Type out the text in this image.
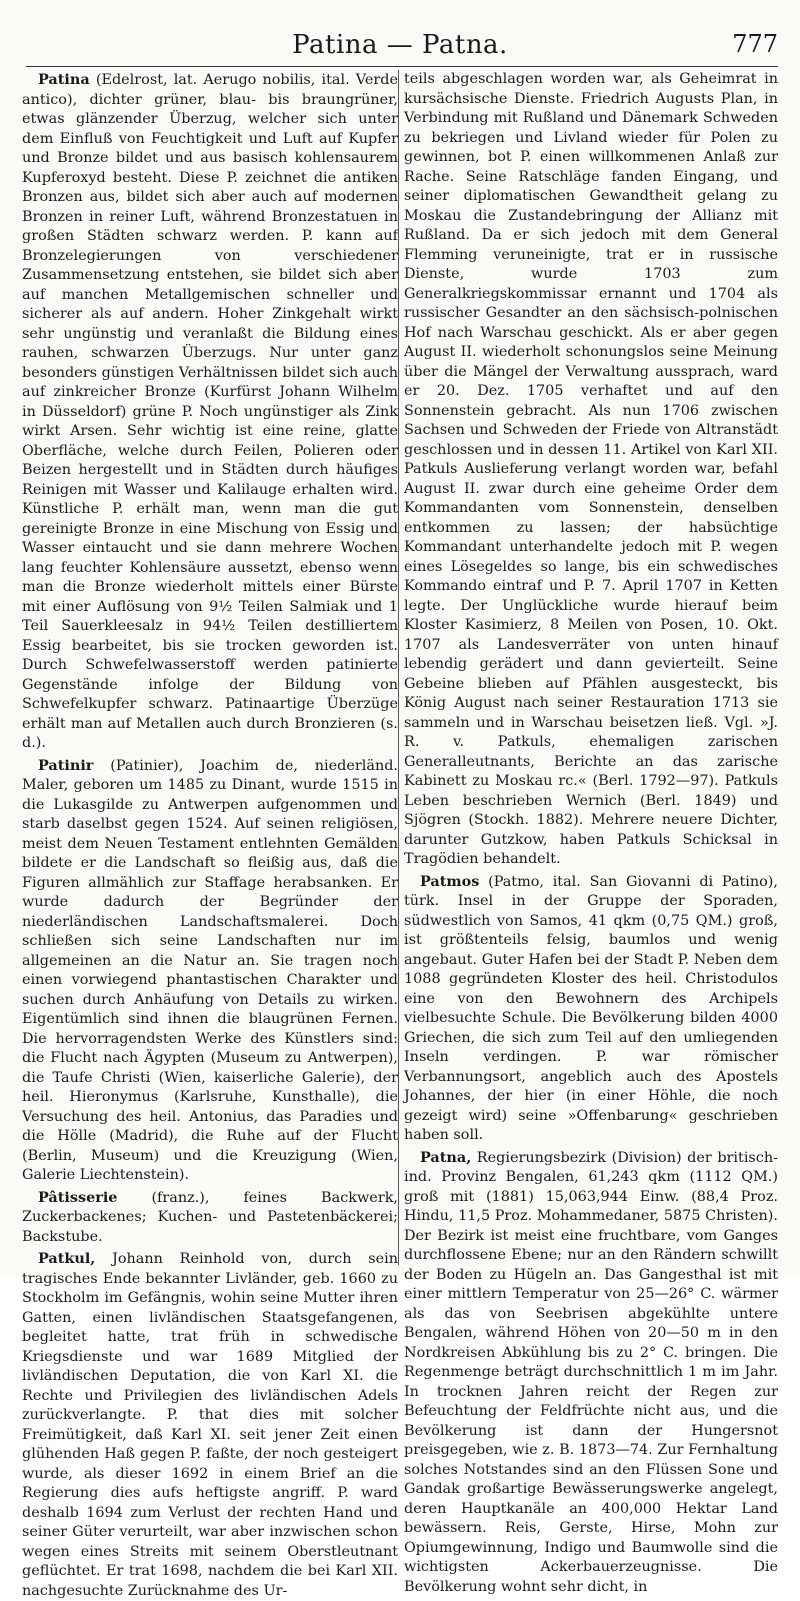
Patina — Patna.	777

Patina (Edelrost, lat. Aerugo nobilis, ital. Verde antico), dichter grüner, blau- bis braungrüner, etwas glänzender Überzug, welcher sich unter dem Einfluß von Feuchtigkeit und Luft auf Kupfer und Bronze bildet und aus basisch kohlensaurem Kupferoxyd besteht. Diese P. zeichnet die antiken Bronzen aus, bildet sich aber auch auf modernen Bronzen in reiner Luft, während Bronzestatuen in großen Städten schwarz werden. P. kann auf Bronzelegierungen von verschiedener Zusammensetzung entstehen, sie bildet sich aber auf manchen Metallgemischen schneller und sicherer als auf andern. Hoher Zinkgehalt wirkt sehr ungünstig und veranlaßt die Bildung eines rauhen, schwarzen Überzugs. Nur unter ganz besonders günstigen Verhältnissen bildet sich auch auf zinkreicher Bronze (Kurfürst Johann Wilhelm in Düsseldorf) grüne P. Noch ungünstiger als Zink wirkt Arsen. Sehr wichtig ist eine reine, glatte Oberfläche, welche durch Feilen, Polieren oder Beizen hergestellt und in Städten durch häufiges Reinigen mit Wasser und Kalilauge erhalten wird. Künstliche P. erhält man, wenn man die gut gereinigte Bronze in eine Mischung von Essig und Wasser eintaucht und sie dann mehrere Wochen lang feuchter Kohlensäure aussetzt, ebenso wenn man die Bronze wiederholt mittels einer Bürste mit einer Auflösung von 9½ Teilen Salmiak und 1 Teil Sauerkleesalz in 94½ Teilen destilliertem Essig bearbeitet, bis sie trocken geworden ist. Durch Schwefelwasserstoff werden patinierte Gegenstände infolge der Bildung von Schwefelkupfer schwarz. Patinaartige Überzüge erhält man auf Metallen auch durch Bronzieren (s. d.).

Patinir (Patinier), Joachim de, niederländ. Maler, geboren um 1485 zu Dinant, wurde 1515 in die Lukasgilde zu Antwerpen aufgenommen und starb daselbst gegen 1524. Auf seinen religiösen, meist dem Neuen Testament entlehnten Gemälden bildete er die Landschaft so fleißig aus, daß die Figuren allmählich zur Staffage herabsanken. Er wurde dadurch der Begründer der niederländischen Landschaftsmalerei. Doch schließen sich seine Landschaften nur im allgemeinen an die Natur an. Sie tragen noch einen vorwiegend phantastischen Charakter und suchen durch Anhäufung von Details zu wirken. Eigentümlich sind ihnen die blaugrünen Fernen. Die hervorragendsten Werke des Künstlers sind: die Flucht nach Ägypten (Museum zu Antwerpen), die Taufe Christi (Wien, kaiserliche Galerie), der heil. Hieronymus (Karlsruhe, Kunsthalle), die Versuchung des heil. Antonius, das Paradies und die Hölle (Madrid), die Ruhe auf der Flucht (Berlin, Museum) und die Kreuzigung (Wien, Galerie Liechtenstein).

Pâtisserie (franz.), feines Backwerk, Zuckerbackenes; Kuchen- und Pastetenbäckerei; Backstube.

Patkul, Johann Reinhold von, durch sein tragisches Ende bekannter Livländer, geb. 1660 zu Stockholm im Gefängnis, wohin seine Mutter ihren Gatten, einen livländischen Staatsgefangenen, begleitet hatte, trat früh in schwedische Kriegsdienste und war 1689 Mitglied der livländischen Deputation, die von Karl XI. die Rechte und Privilegien des livländischen Adels zurückverlangte. P. that dies mit solcher Freimütigkeit, daß Karl XI. seit jener Zeit einen glühenden Haß gegen P. faßte, der noch gesteigert wurde, als dieser 1692 in einem Brief an die Regierung dies aufs heftigste angriff. P. ward deshalb 1694 zum Verlust der rechten Hand und seiner Güter verurteilt, war aber inzwischen schon wegen eines Streits mit seinem Oberstleutnant geflüchtet. Er trat 1698, nachdem die bei Karl XII. nachgesuchte Zurücknahme des Ur-

teils abgeschlagen worden war, als Geheimrat in kursächsische Dienste. Friedrich Augusts Plan, in Verbindung mit Rußland und Dänemark Schweden zu bekriegen und Livland wieder für Polen zu gewinnen, bot P. einen willkommenen Anlaß zur Rache. Seine Ratschläge fanden Eingang, und seiner diplomatischen Gewandtheit gelang zu Moskau die Zustandebringung der Allianz mit Rußland. Da er sich jedoch mit dem General Flemming veruneinigte, trat er in russische Dienste, wurde 1703 zum Generalkriegskommissar ernannt und 1704 als russischer Gesandter an den sächsisch-polnischen Hof nach Warschau geschickt. Als er aber gegen August II. wiederholt schonungslos seine Meinung über die Mängel der Verwaltung aussprach, ward er 20. Dez. 1705 verhaftet und auf den Sonnenstein gebracht. Als nun 1706 zwischen Sachsen und Schweden der Friede von Altranstädt geschlossen und in dessen 11. Artikel von Karl XII. Patkuls Auslieferung verlangt worden war, befahl August II. zwar durch eine geheime Order dem Kommandanten vom Sonnenstein, denselben entkommen zu lassen; der habsüchtige Kommandant unterhandelte jedoch mit P. wegen eines Lösegeldes so lange, bis ein schwedisches Kommando eintraf und P. 7. April 1707 in Ketten legte. Der Unglückliche wurde hierauf beim Kloster Kasimierz, 8 Meilen von Posen, 10. Okt. 1707 als Landesverräter von unten hinauf lebendig gerädert und dann gevierteilt. Seine Gebeine blieben auf Pfählen ausgesteckt, bis König August nach seiner Restauration 1713 sie sammeln und in Warschau beisetzen ließ. Vgl. »J. R. v. Patkuls, ehemaligen zarischen Generalleutnants, Berichte an das zarische Kabinett zu Moskau rc.« (Berl. 1792—97). Patkuls Leben beschrieben Wernich (Berl. 1849) und Sjögren (Stockh. 1882). Mehrere neuere Dichter, darunter Gutzkow, haben Patkuls Schicksal in Tragödien behandelt.

Patmos (Patmo, ital. San Giovanni di Patino), türk. Insel in der Gruppe der Sporaden, südwestlich von Samos, 41 qkm (0,75 QM.) groß, ist größtenteils felsig, baumlos und wenig angebaut. Guter Hafen bei der Stadt P. Neben dem 1088 gegründeten Kloster des heil. Christodulos eine von den Bewohnern des Archipels vielbesuchte Schule. Die Bevölkerung bilden 4000 Griechen, die sich zum Teil auf den umliegenden Inseln verdingen. P. war römischer Verbannungsort, angeblich auch des Apostels Johannes, der hier (in einer Höhle, die noch gezeigt wird) seine »Offenbarung« geschrieben haben soll.

Patna, Regierungsbezirk (Division) der britisch-ind. Provinz Bengalen, 61,243 qkm (1112 QM.) groß mit (1881) 15,063,944 Einw. (88,4 Proz. Hindu, 11,5 Proz. Mohammedaner, 5875 Christen). Der Bezirk ist meist eine fruchtbare, vom Ganges durchflossene Ebene; nur an den Rändern schwillt der Boden zu Hügeln an. Das Gangesthal ist mit einer mittlern Temperatur von 25—26° C. wärmer als das von Seebrisen abgekühlte untere Bengalen, während Höhen von 20—50 m in den Nordkreisen Abkühlung bis zu 2° C. bringen. Die Regenmenge beträgt durchschnittlich 1 m im Jahr. In trocknen Jahren reicht der Regen zur Befeuchtung der Feldfrüchte nicht aus, und die Bevölkerung ist dann der Hungersnot preisgegeben, wie z. B. 1873—74. Zur Fernhaltung solches Notstandes sind an den Flüssen Sone und Gandak großartige Bewässerungswerke angelegt, deren Hauptkanäle an 400,000 Hektar Land bewässern. Reis, Gerste, Hirse, Mohn zur Opiumgewinnung, Indigo und Baumwolle sind die wichtigsten Ackerbauerzeugnisse. Die Bevölkerung wohnt sehr dicht, in
